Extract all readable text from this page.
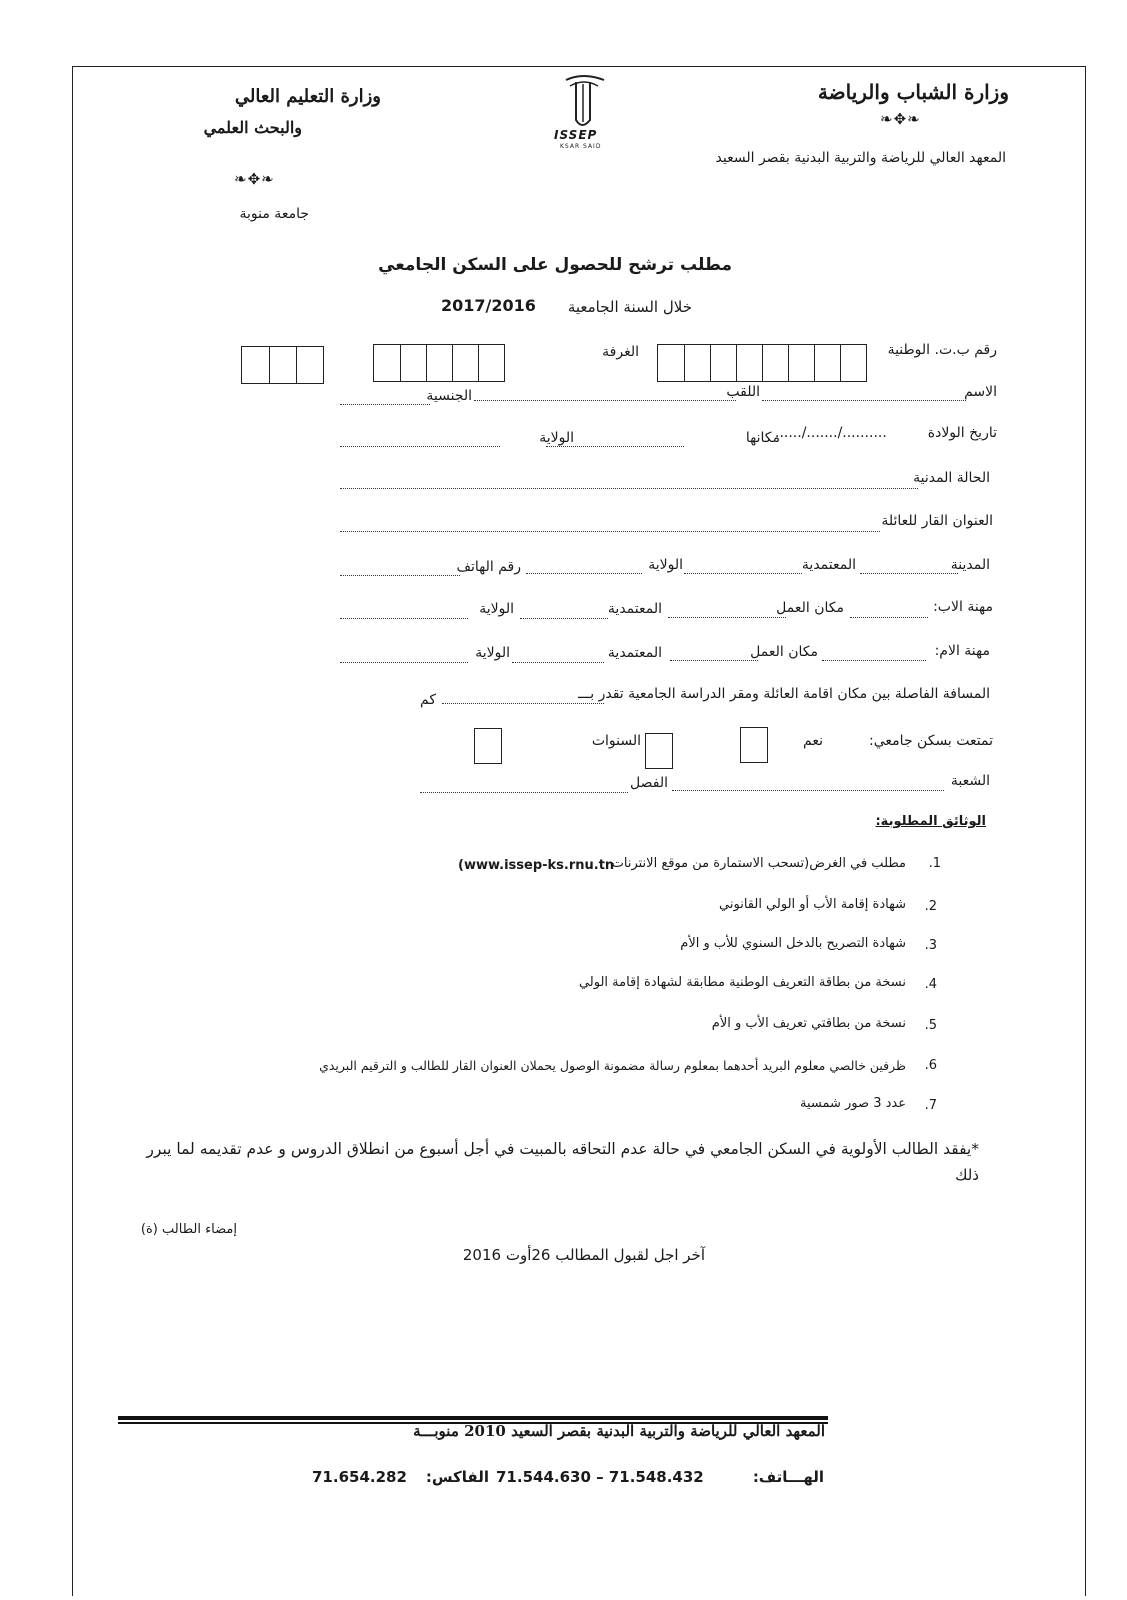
وزارة الشباب والرياضة
❧✥❧
المعهد العالي للرياضة والتربية البدنية بقصر السعيد
وزارة التعليم العالي
والبحث العلمي
❧✥❧
جامعة منوبة
ISSEP
KSAR SAID
مطلب ترشح للحصول على السكن الجامعي
خلال السنة الجامعية
2017/2016
رقم ب.ت. الوطنية
الغرفة
الاسم
اللقب
الجنسية
تاريخ الولادة
....../......./..........
مكانها
الولاية
الحالة المدنية
العنوان القار للعائلة
المدينة
المعتمدية
الولاية
رقم الهاتف
مهنة الاب:
مكان العمل
المعتمدية
الولاية
مهنة الام:
مكان العمل
المعتمدية
الولاية
المسافة الفاصلة بين مكان اقامة العائلة ومقر الدراسة الجامعية تقدر بـــ
كم
تمتعت بسكن جامعي:
نعم
السنوات
الشعبة
الفصل
الوثائق المطلوبة:
1.
مطلب في الغرض(تسحب الاستمارة من موقع الانترنات
(www.issep-ks.rnu.tn
2.
شهادة إقامة الأب أو الولي القانوني
3.
شهادة التصريح بالدخل السنوي للأب و الأم
4.
نسخة من بطاقة التعريف الوطنية مطابقة لشهادة إقامة الولي
5.
نسخة من بطاقتي تعريف الأب و الأم
6.
ظرفين خالصي معلوم البريد أحدهما بمعلوم رسالة مضمونة الوصول يحملان العنوان القار للطالب و الترقيم البريدي
7.
عدد 3 صور شمسية
*يفقد الطالب الأولوية في السكن الجامعي في حالة عدم التحاقه بالمبيت في أجل أسبوع من انطلاق الدروس و عدم تقديمه لما يبرر
ذلك
إمضاء الطالب (ة)
آخر اجل لقبول المطالب 26أوت 2016
المعهد العالي للرياضة والتربية البدنية بقصر السعيد 2010 منوبـــة
الهـــاتف:
71.544.630 – 71.548.432
الفاكس:
71.654.282
